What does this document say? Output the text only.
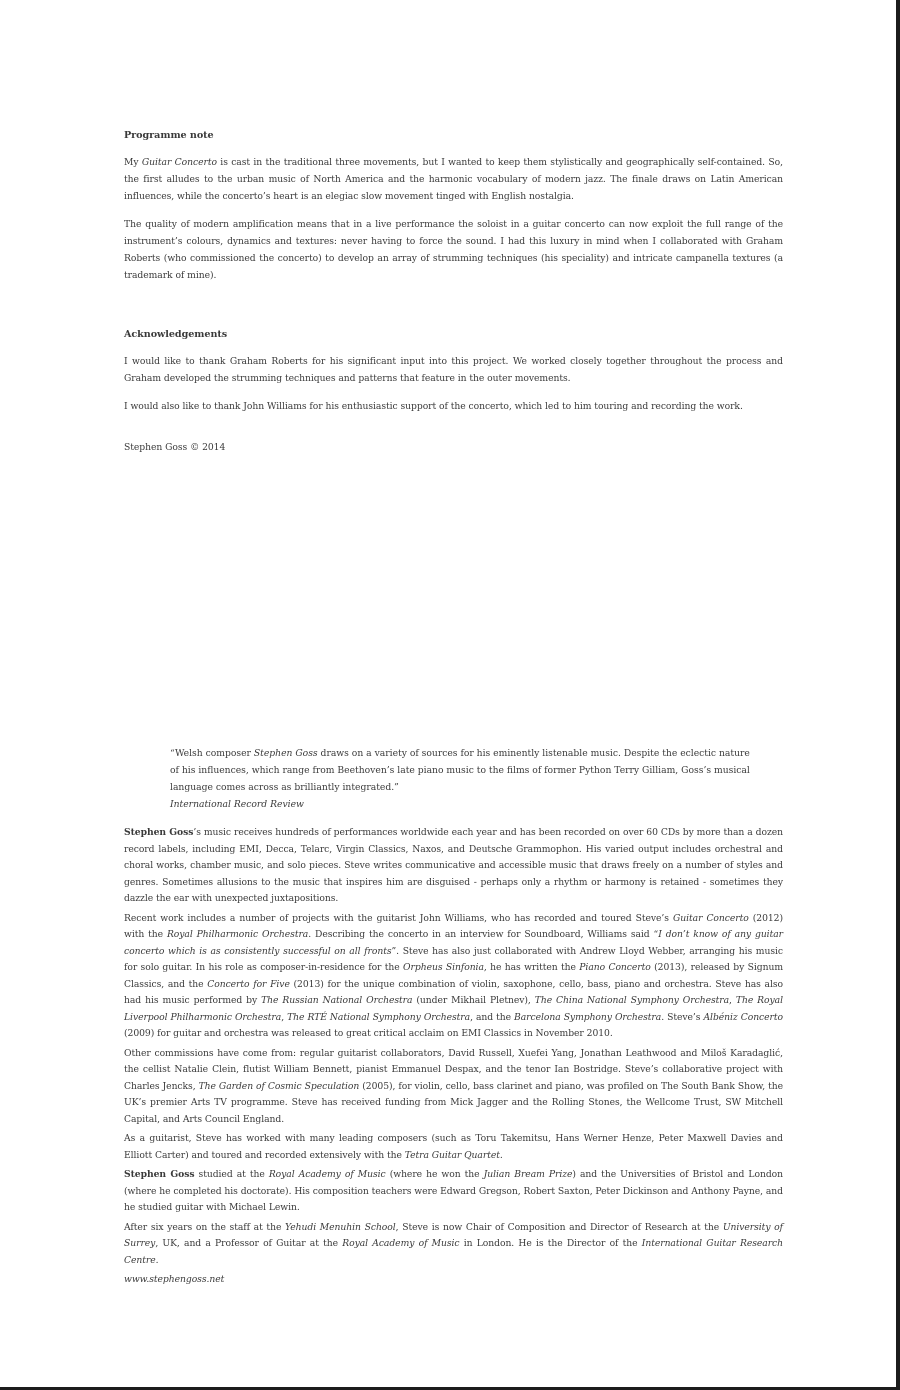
Programme note

My Guitar Concerto is cast in the traditional three movements, but I wanted to keep them stylistically and geographically self-contained. So, the first alludes to the urban music of North America and the harmonic vocabulary of modern jazz. The finale draws on Latin American influences, while the concerto’s heart is an elegiac slow movement tinged with English nostalgia.

The quality of modern amplification means that in a live performance the soloist in a guitar concerto can now exploit the full range of the instrument’s colours, dynamics and textures: never having to force the sound. I had this luxury in mind when I collaborated with Graham Roberts (who commissioned the concerto) to develop an array of strumming techniques (his speciality) and intricate campanella textures (a trademark of mine).

Acknowledgements

I would like to thank Graham Roberts for his significant input into this project. We worked closely together throughout the process and Graham developed the strumming techniques and patterns that feature in the outer movements.

I would also like to thank John Williams for his enthusiastic support of the concerto, which led to him touring and recording the work.

Stephen Goss © 2014

“Welsh composer Stephen Goss draws on a variety of sources for his eminently listenable music. Despite the eclectic nature of his influences, which range from Beethoven’s late piano music to the films of former Python Terry Gilliam, Goss’s musical language comes across as brilliantly integrated.”
International Record Review

Stephen Goss’s music receives hundreds of performances worldwide each year and has been recorded on over 60 CDs by more than a dozen record labels, including EMI, Decca, Telarc, Virgin Classics, Naxos, and Deutsche Grammophon. His varied output includes orchestral and choral works, chamber music, and solo pieces. Steve writes communicative and accessible music that draws freely on a number of styles and genres. Sometimes allusions to the music that inspires him are disguised - perhaps only a rhythm or harmony is retained - sometimes they dazzle the ear with unexpected juxtapositions.

Recent work includes a number of projects with the guitarist John Williams, who has recorded and toured Steve’s Guitar Concerto (2012) with the Royal Philharmonic Orchestra. Describing the concerto in an interview for Soundboard, Williams said “I don’t know of any guitar concerto which is as consistently successful on all fronts”. Steve has also just collaborated with Andrew Lloyd Webber, arranging his music for solo guitar. In his role as composer-in-residence for the Orpheus Sinfonia, he has written the Piano Concerto (2013), released by Signum Classics, and the Concerto for Five (2013) for the unique combination of violin, saxophone, cello, bass, piano and orchestra. Steve has also had his music performed by The Russian National Orchestra (under Mikhail Pletnev), The China National Symphony Orchestra, The Royal Liverpool Philharmonic Orchestra, The RTÉ National Symphony Orchestra, and the Barcelona Symphony Orchestra. Steve’s Albéniz Concerto (2009) for guitar and orchestra was released to great critical acclaim on EMI Classics in November 2010.

Other commissions have come from: regular guitarist collaborators, David Russell, Xuefei Yang, Jonathan Leathwood and Miloš Karadaglić, the cellist Natalie Clein, flutist William Bennett, pianist Emmanuel Despax, and the tenor Ian Bostridge. Steve’s collaborative project with Charles Jencks, The Garden of Cosmic Speculation (2005), for violin, cello, bass clarinet and piano, was profiled on The South Bank Show, the UK’s premier Arts TV programme. Steve has received funding from Mick Jagger and the Rolling Stones, the Wellcome Trust, SW Mitchell Capital, and Arts Council England.

As a guitarist, Steve has worked with many leading composers (such as Toru Takemitsu, Hans Werner Henze, Peter Maxwell Davies and Elliott Carter) and toured and recorded extensively with the Tetra Guitar Quartet.

Stephen Goss studied at the Royal Academy of Music (where he won the Julian Bream Prize) and the Universities of Bristol and London (where he completed his doctorate). His composition teachers were Edward Gregson, Robert Saxton, Peter Dickinson and Anthony Payne, and he studied guitar with Michael Lewin.

After six years on the staff at the Yehudi Menuhin School, Steve is now Chair of Composition and Director of Research at the University of Surrey, UK, and a Professor of Guitar at the Royal Academy of Music in London. He is the Director of the International Guitar Research Centre.

www.stephengoss.net
